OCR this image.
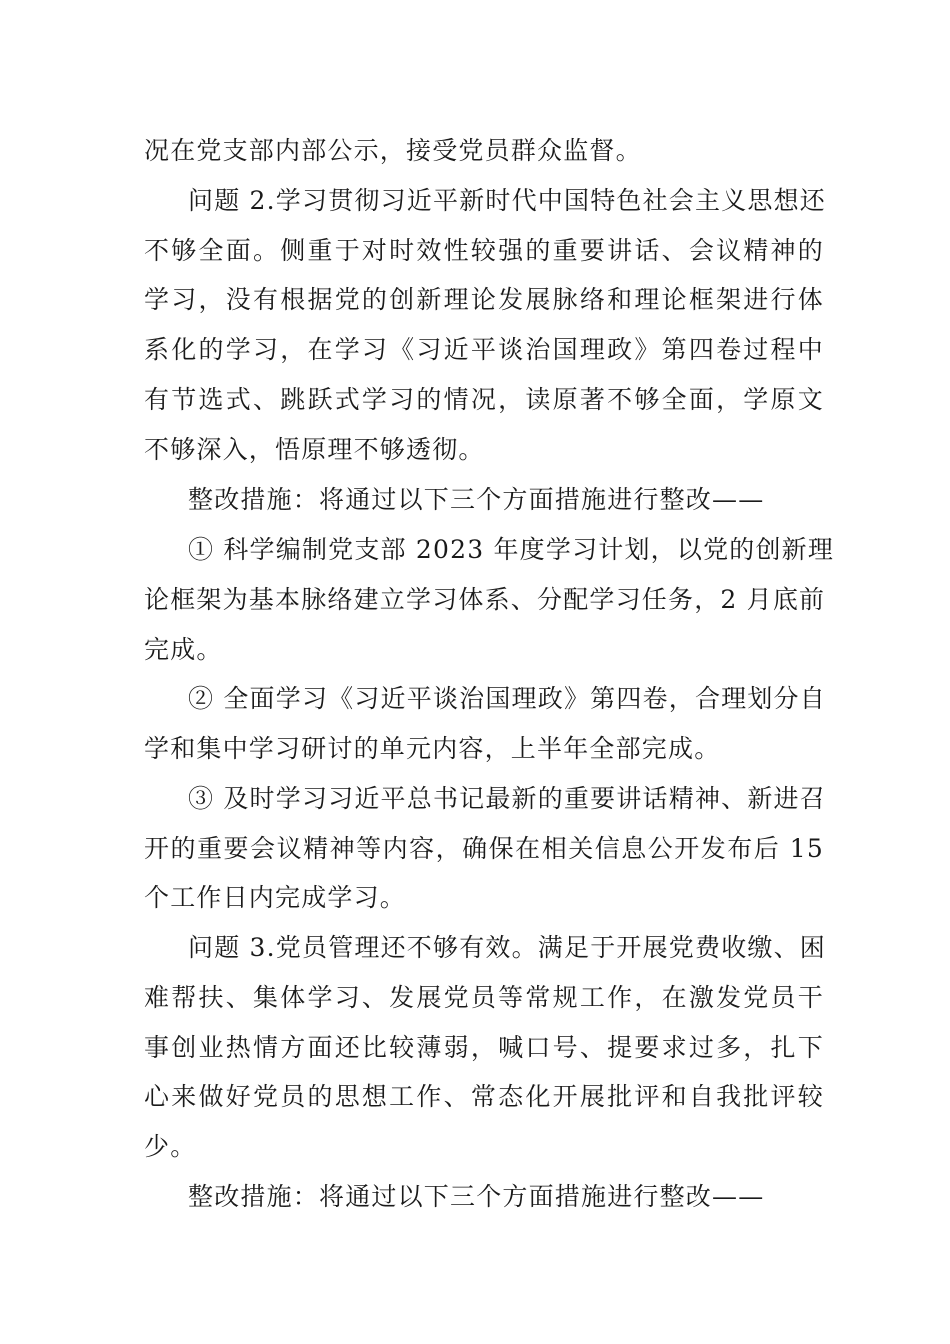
况在党支部内部公示，接受党员群众监督。
问题 2.学习贯彻习近平新时代中国特色社会主义思想还
不够全面。侧重于对时效性较强的重要讲话、会议精神的
学习，没有根据党的创新理论发展脉络和理论框架进行体
系化的学习，在学习《习近平谈治国理政》第四卷过程中
有节选式、跳跃式学习的情况，读原著不够全面，学原文
不够深入，悟原理不够透彻。
整改措施：将通过以下三个方面措施进行整改——
① 科学编制党支部 2023 年度学习计划，以党的创新理
论框架为基本脉络建立学习体系、分配学习任务，2 月底前
完成。
② 全面学习《习近平谈治国理政》第四卷，合理划分自
学和集中学习研讨的单元内容，上半年全部完成。
③ 及时学习习近平总书记最新的重要讲话精神、新进召
开的重要会议精神等内容，确保在相关信息公开发布后 15
个工作日内完成学习。
问题 3.党员管理还不够有效。满足于开展党费收缴、困
难帮扶、集体学习、发展党员等常规工作，在激发党员干
事创业热情方面还比较薄弱，喊口号、提要求过多，扎下
心来做好党员的思想工作、常态化开展批评和自我批评较
少。
整改措施：将通过以下三个方面措施进行整改——
